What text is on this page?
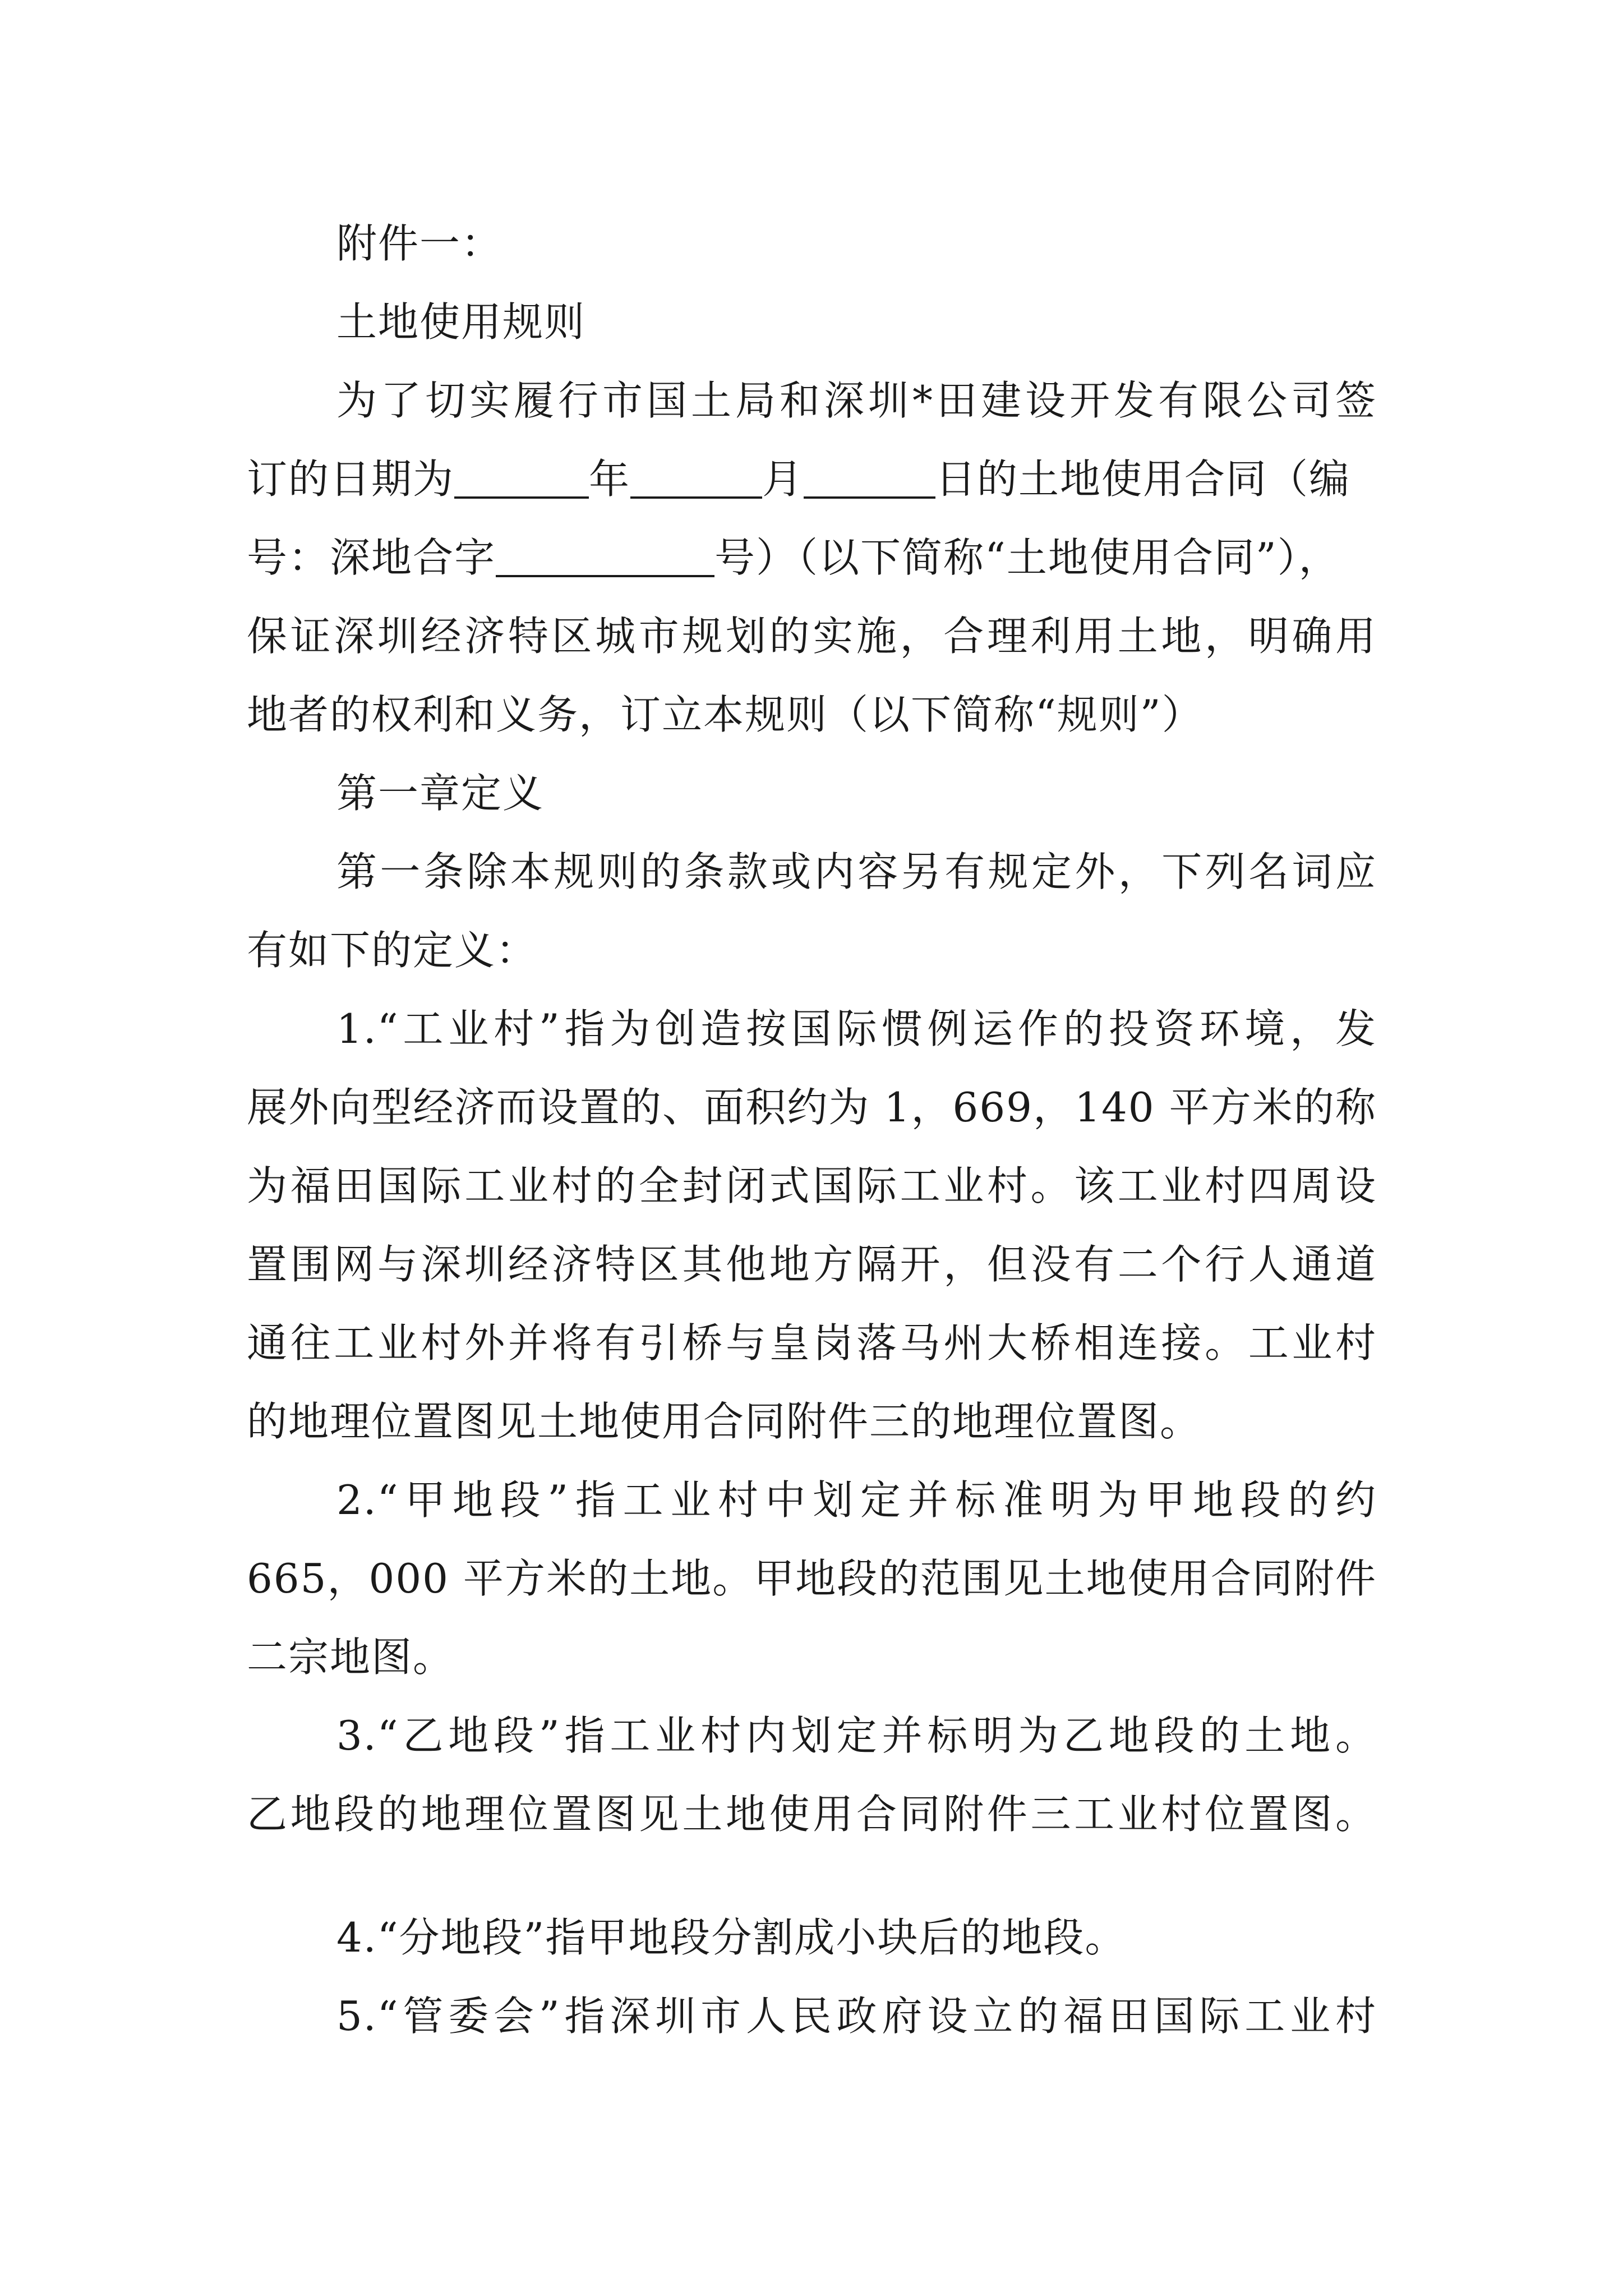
附件一：
土地使用规则
为了切实履行市国土局和深圳*田建设开发有限公司签
订的日期为	年	月	日的土地使用合同（编
号：深地合字	号）（以下简称“土地使用合同”），
保证深圳经济特区城市规划的实施，合理利用土地，明确用
地者的权利和义务，订立本规则（以下简称“规则”）
第一章定义
第一条除本规则的条款或内容另有规定外，下列名词应
有如下的定义：
1.“工业村”指为创造按国际惯例运作的投资环境，发
展外向型经济而设置的、面积约为 1，669，140 平方米的称
为福田国际工业村的全封闭式国际工业村。该工业村四周设
置围网与深圳经济特区其他地方隔开，但没有二个行人通道
通往工业村外并将有引桥与皇岗落马州大桥相连接。工业村
的地理位置图见土地使用合同附件三的地理位置图。
2.“甲地段”指工业村中划定并标准明为甲地段的约
665，000 平方米的土地。甲地段的范围见土地使用合同附件
二宗地图。
3.“乙地段”指工业村内划定并标明为乙地段的土地。
乙地段的地理位置图见土地使用合同附件三工业村位置图。
4.“分地段”指甲地段分割成小块后的地段。
5.“管委会”指深圳市人民政府设立的福田国际工业村
